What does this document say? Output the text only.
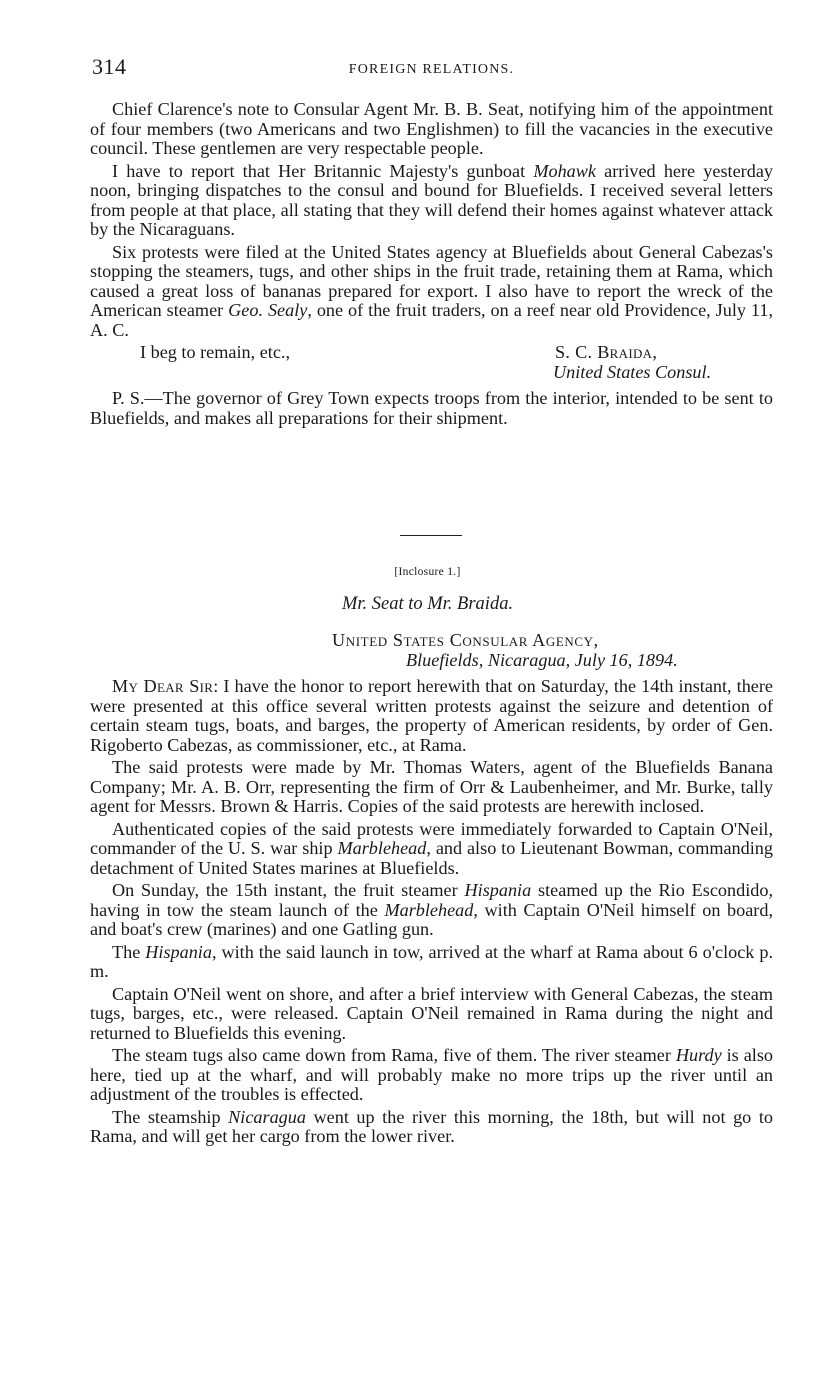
314	FOREIGN RELATIONS.

Chief Clarence's note to Consular Agent Mr. B. B. Seat, notifying him of the appointment of four members (two Americans and two Englishmen) to fill the vacancies in the executive council. These gentlemen are very respectable people.

I have to report that Her Britannic Majesty's gunboat Mohawk arrived here yesterday noon, bringing dispatches to the consul and bound for Bluefields. I received several letters from people at that place, all stating that they will defend their homes against whatever attack by the Nicaraguans.

Six protests were filed at the United States agency at Bluefields about General Cabezas's stopping the steamers, tugs, and other ships in the fruit trade, retaining them at Rama, which caused a great loss of bananas prepared for export. I also have to report the wreck of the American steamer Geo. Sealy, one of the fruit traders, on a reef near old Providence, July 11, A. C.

I beg to remain, etc.,	S. C. Braida,
United States Consul.

P. S.—The governor of Grey Town expects troops from the interior, intended to be sent to Bluefields, and makes all preparations for their shipment.

[Inclosure 1.]
Mr. Seat to Mr. Braida.
United States Consular Agency,
Bluefields, Nicaragua, July 16, 1894.

My Dear Sir: I have the honor to report herewith that on Saturday, the 14th instant, there were presented at this office several written protests against the seizure and detention of certain steam tugs, boats, and barges, the property of American residents, by order of Gen. Rigoberto Cabezas, as commissioner, etc., at Rama.

The said protests were made by Mr. Thomas Waters, agent of the Bluefields Banana Company; Mr. A. B. Orr, representing the firm of Orr & Laubenheimer, and Mr. Burke, tally agent for Messrs. Brown & Harris. Copies of the said protests are herewith inclosed.

Authenticated copies of the said protests were immediately forwarded to Captain O'Neil, commander of the U. S. war ship Marblehead, and also to Lieutenant Bowman, commanding detachment of United States marines at Bluefields.

On Sunday, the 15th instant, the fruit steamer Hispania steamed up the Rio Escondido, having in tow the steam launch of the Marblehead, with Captain O'Neil himself on board, and boat's crew (marines) and one Gatling gun.

The Hispania, with the said launch in tow, arrived at the wharf at Rama about 6 o'clock p. m.

Captain O'Neil went on shore, and after a brief interview with General Cabezas, the steam tugs, barges, etc., were released. Captain O'Neil remained in Rama during the night and returned to Bluefields this evening.

The steam tugs also came down from Rama, five of them. The river steamer Hurdy is also here, tied up at the wharf, and will probably make no more trips up the river until an adjustment of the troubles is effected.

The steamship Nicaragua went up the river this morning, the 18th, but will not go to Rama, and will get her cargo from the lower river.
